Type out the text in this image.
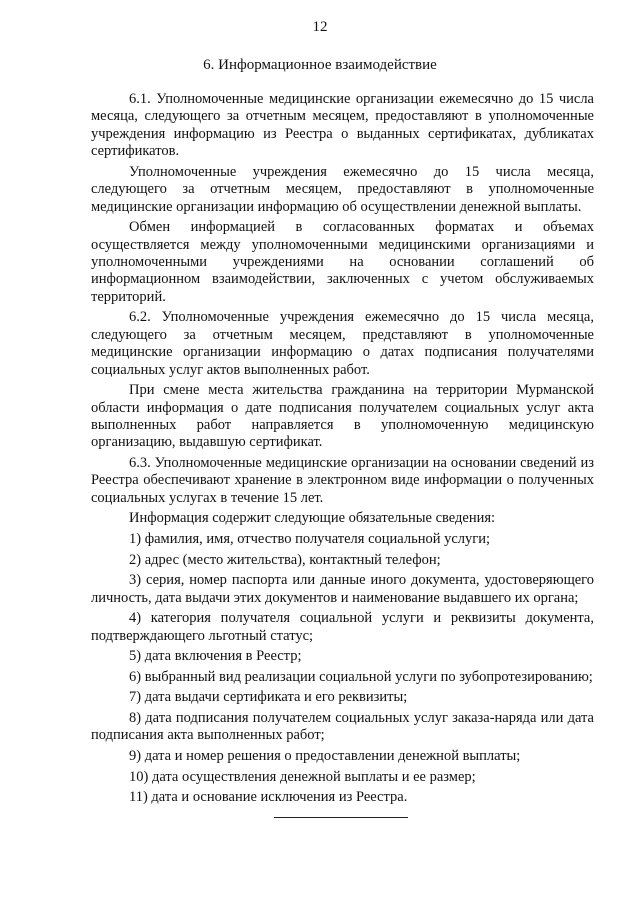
12
6. Информационное взаимодействие

6.1. Уполномоченные медицинские организации ежемесячно до 15 числа месяца, следующего за отчетным месяцем, предоставляют в уполномоченные учреждения информацию из Реестра о выданных сертификатах, дубликатах сертификатов.

Уполномоченные учреждения ежемесячно до 15 числа месяца, следующего за отчетным месяцем, предоставляют в уполномоченные медицинские организации информацию об осуществлении денежной выплаты.

Обмен информацией в согласованных форматах и объемах осуществляется между уполномоченными медицинскими организациями и уполномоченными учреждениями на основании соглашений об информационном взаимодействии, заключенных с учетом обслуживаемых территорий.

6.2. Уполномоченные учреждения ежемесячно до 15 числа месяца, следующего за отчетным месяцем, представляют в уполномоченные медицинские организации информацию о датах подписания получателями социальных услуг актов выполненных работ.

При смене места жительства гражданина на территории Мурманской области информация о дате подписания получателем социальных услуг акта выполненных работ направляется в уполномоченную медицинскую организацию, выдавшую сертификат.

6.3. Уполномоченные медицинские организации на основании сведений из Реестра обеспечивают хранение в электронном виде информации о полученных социальных услугах в течение 15 лет.

Информация содержит следующие обязательные сведения:

1) фамилия, имя, отчество получателя социальной услуги;
2) адрес (место жительства), контактный телефон;
3) серия, номер паспорта или данные иного документа, удостоверяющего личность, дата выдачи этих документов и наименование выдавшего их органа;
4) категория получателя социальной услуги и реквизиты документа, подтверждающего льготный статус;
5) дата включения в Реестр;
6) выбранный вид реализации социальной услуги по зубопротезированию;
7) дата выдачи сертификата и его реквизиты;
8) дата подписания получателем социальных услуг заказа-наряда или дата подписания акта выполненных работ;
9) дата и номер решения о предоставлении денежной выплаты;
10) дата осуществления денежной выплаты и ее размер;
11) дата и основание исключения из Реестра.
